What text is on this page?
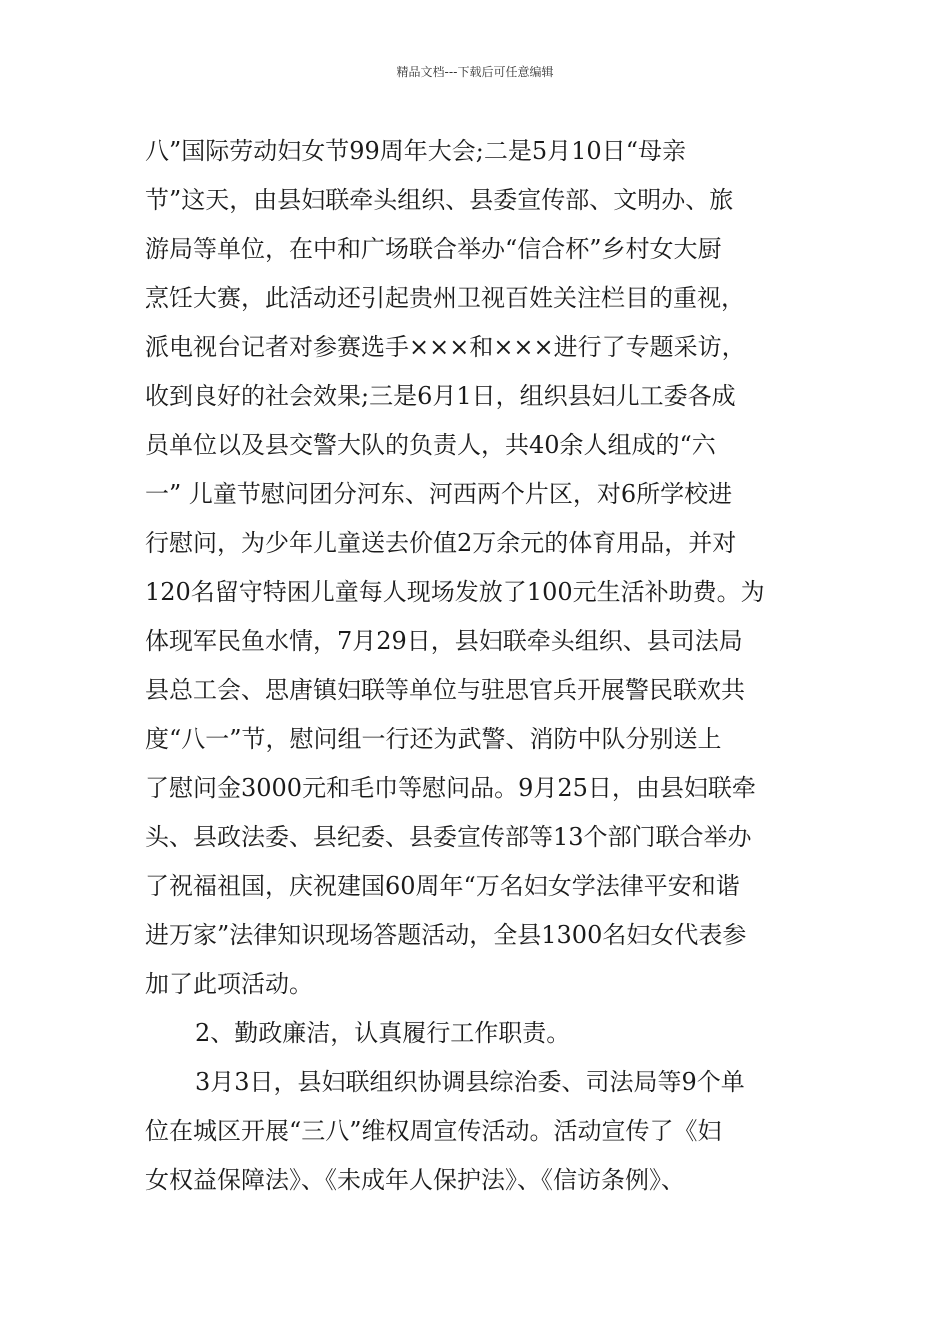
精品文档---下载后可任意编辑
八”国际劳动妇女节99周年大会;二是5月10日“母亲
节”这天，由县妇联牵头组织、县委宣传部、文明办、旅
游局等单位，在中和广场联合举办“信合杯”乡村女大厨
烹饪大赛，此活动还引起贵州卫视百姓关注栏目的重视，
派电视台记者对参赛选手×××和×××进行了专题采访，
收到良好的社会效果;三是6月1日，组织县妇儿工委各成
员单位以及县交警大队的负责人，共40余人组成的“六
一” 儿童节慰问团分河东、河西两个片区，对6所学校进
行慰问，为少年儿童送去价值2万余元的体育用品，并对
120名留守特困儿童每人现场发放了100元生活补助费。为
体现军民鱼水情，7月29日，县妇联牵头组织、县司法局
县总工会、思唐镇妇联等单位与驻思官兵开展警民联欢共
度“八一”节，慰问组一行还为武警、消防中队分别送上
了慰问金3000元和毛巾等慰问品。9月25日，由县妇联牵
头、县政法委、县纪委、县委宣传部等13个部门联合举办
了祝福祖国，庆祝建国60周年“万名妇女学法律平安和谐
进万家”法律知识现场答题活动，全县1300名妇女代表参
加了此项活动。
2、勤政廉洁，认真履行工作职责。
3月3日，县妇联组织协调县综治委、司法局等9个单
位在城区开展“三八”维权周宣传活动。活动宣传了《妇
女权益保障法》、《未成年人保护法》、《信访条例》、
